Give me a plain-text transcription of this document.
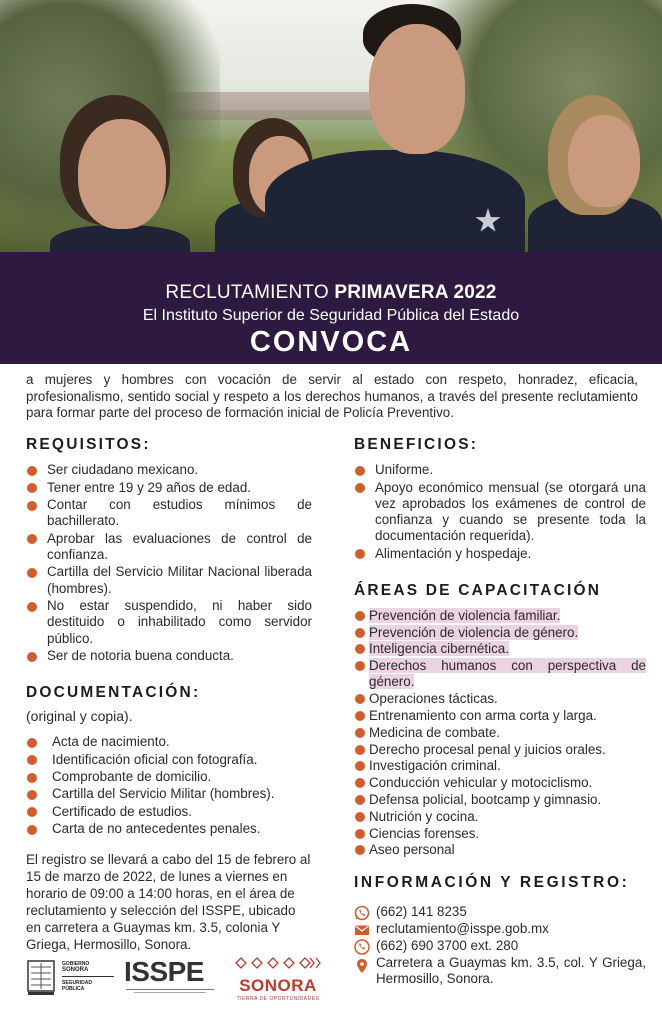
RECLUTAMIENTO PRIMAVERA 2022
El Instituto Superior de Seguridad Pública del Estado
CONVOCA

a mujeres y hombres con vocación de servir al estado con respeto, honradez, eficacia, profesionalismo, sentido social y respeto a los derechos humanos, a través del presente reclutamiento para formar parte del proceso de formación inicial de Policía Preventivo.

REQUISITOS:
Ser ciudadano mexicano.
Tener entre 19 y 29 años de edad.
Contar con estudios mínimos de bachillerato.
Aprobar las evaluaciones de control de confianza.
Cartilla del Servicio Militar Nacional liberada (hombres).
No estar suspendido, ni haber sido destituido o inhabilitado como servidor público.
Ser de notoria buena conducta.
DOCUMENTACIÓN:
(original y copia).
Acta de nacimiento.
Identificación oficial con fotografía.
Comprobante de domicilio.
Cartilla del Servicio Militar (hombres).
Certificado de estudios.
Carta de no antecedentes penales.

El registro se llevará a cabo del 15 de febrero al 15 de marzo de 2022, de lunes a viernes en horario de 09:00 a 14:00 horas, en el área de reclutamiento y selección del ISSPE, ubicado en carretera a Guaymas km. 3.5, colonia Y Griega, Hermosillo, Sonora.

BENEFICIOS:
Uniforme.
Apoyo económico mensual (se otorgará una vez aprobados los exámenes de control de confianza y cuando se presente toda la documentación requerida).
Alimentación y hospedaje.
ÁREAS DE CAPACITACIÓN
Prevención de violencia familiar.
Prevención de violencia de género.
Inteligencia cibernética.
Derechos humanos con perspectiva de género.
Operaciones tácticas.
Entrenamiento con arma corta y larga.
Medicina de combate.
Derecho procesal penal y juicios orales.
Investigación criminal.
Conducción vehicular y motociclismo.
Defensa policial, bootcamp y gimnasio.
Nutrición y cocina.
Ciencias forenses.
Aseo personal
INFORMACIÓN Y REGISTRO:
(662) 141 8235
reclutamiento@isspe.gob.mx
(662) 690 3700 ext. 280
Carretera a Guaymas km. 3.5, col. Y Griega, Hermosillo, Sonora.
GOBIERNO
SONORA
SEGURIDAD
PÚBLICA
ISSPE	SONORA
TIERRA DE OPORTUNIDADES
